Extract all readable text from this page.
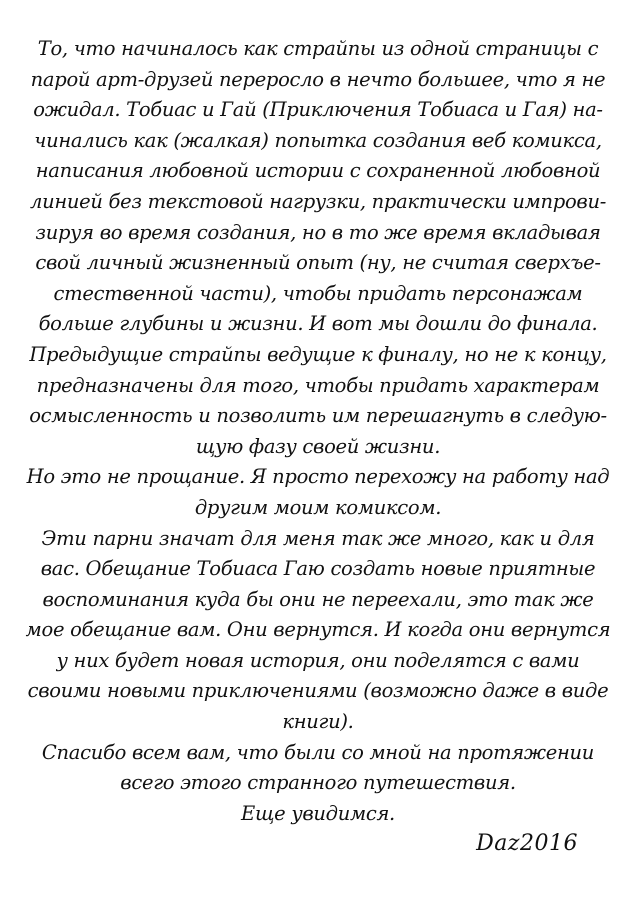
То, что начиналось как страйпы из одной страницы с
парой арт-друзей переросло в нечто большее, что я не
ожидал. Тобиас и Гай (Приключения Тобиаса и Гая) на-
чинались как (жалкая) попытка создания веб комикса,
написания любовной истории с сохраненной любовной
линией без текстовой нагрузки, практически импрови-
зируя во время создания, но в то же время вкладывая
свой личный жизненный опыт (ну, не считая сверхъе-
стественной части), чтобы придать персонажам
больше глубины и жизни. И вот мы дошли до финала.
Предыдущие страйпы ведущие к финалу, но не к концу,
предназначены для того, чтобы придать характерам
осмысленность и позволить им перешагнуть в следую-
щую фазу своей жизни.
Но это не прощание. Я просто перехожу на работу над
другим моим комиксом.
Эти парни значат для меня так же много, как и для
вас. Обещание Тобиаса Гаю создать новые приятные
воспоминания куда бы они не переехали, это так же
мое обещание вам. Они вернутся. И когда они вернутся
у них будет новая история, они поделятся с вами
своими новыми приключениями (возможно даже в виде
книги).
Спасибо всем вам, что были со мной на протяжении
всего этого странного путешествия.
Еще увидимся.
Daz2016
